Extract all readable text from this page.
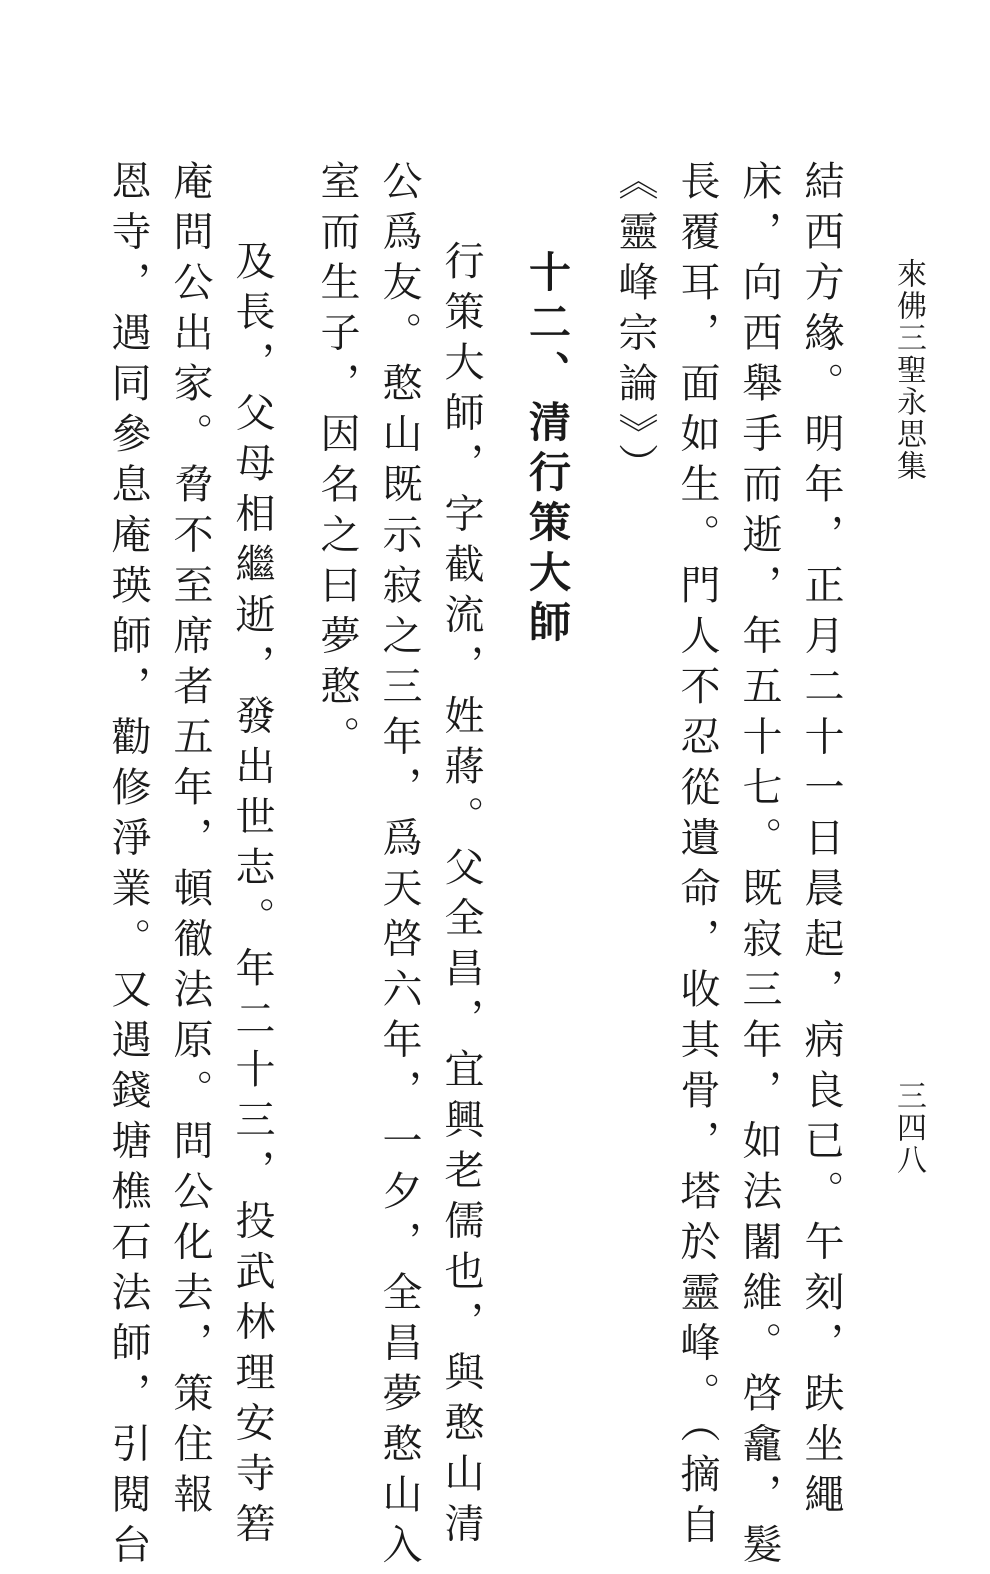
來佛三聖永思集
三四八
結西方緣。明年，正月二十一日晨起，病良已。午刻，趺坐繩
床，向西舉手而逝，年五十七。既寂三年，如法闍維。啓龕，髮
長覆耳，面如生。門人不忍從遺命，收其骨，塔於靈峰。（摘自
《靈峰宗論》）
十二、清行策大師
行策大師，字截流，姓蔣。父全昌，宜興老儒也，與憨山清
公爲友。憨山既示寂之三年，爲天啓六年，一夕，全昌夢憨山入
室而生子，因名之曰夢憨。
及長，父母相繼逝，發出世志。年二十三，投武林理安寺箬
庵問公出家。脅不至席者五年，頓徹法原。問公化去，策住報
恩寺，遇同參息庵瑛師，勸修淨業。又遇錢塘樵石法師，引閱台
